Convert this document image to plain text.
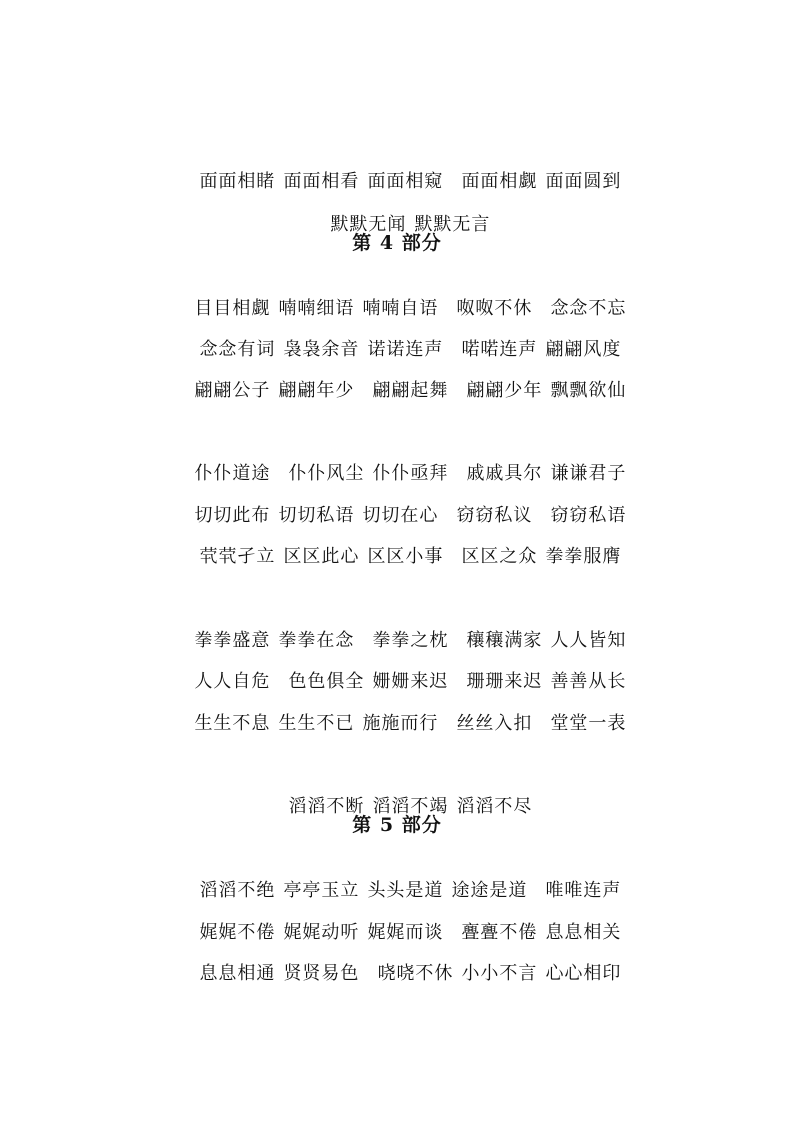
面面相睹 面面相看 面面相窥 面面相觑 面面圆到

默默无闻 默默无言

第 4 部分

目目相觑 喃喃细语 喃喃自语 呶呶不休 念念不忘

念念有词 袅袅余音 诺诺连声 喏喏连声 翩翩风度

翩翩公子 翩翩年少 翩翩起舞 翩翩少年 飘飘欲仙

仆仆道途 仆仆风尘 仆仆亟拜 戚戚具尔 谦谦君子

切切此布 切切私语 切切在心 窃窃私议 窃窃私语

茕茕孑立 区区此心 区区小事 区区之众 拳拳服膺

拳拳盛意 拳拳在念 拳拳之枕 穰穰满家 人人皆知

人人自危 色色俱全 姗姗来迟 珊珊来迟 善善从长

生生不息 生生不已 施施而行 丝丝入扣 堂堂一表

滔滔不断 滔滔不竭 滔滔不尽

第 5 部分

滔滔不绝 亭亭玉立 头头是道 途途是道 唯唯连声

娓娓不倦 娓娓动听 娓娓而谈 亹亹不倦 息息相关

息息相通 贤贤易色 哓哓不休 小小不言 心心相印
